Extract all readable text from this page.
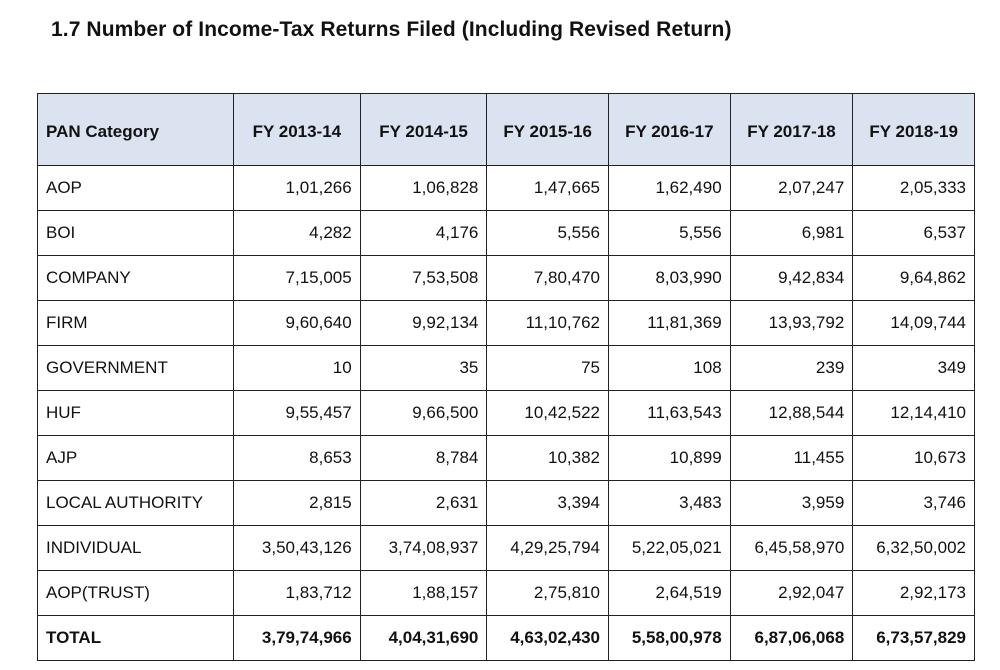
1.7 Number of Income-Tax Returns Filed (Including Revised Return)
PAN Category	FY 2013-14	FY 2014-15	FY 2015-16	FY 2016-17	FY 2017-18	FY 2018-19
AOP	1,01,266	1,06,828	1,47,665	1,62,490	2,07,247	2,05,333
BOI	4,282	4,176	5,556	5,556	6,981	6,537
COMPANY	7,15,005	7,53,508	7,80,470	8,03,990	9,42,834	9,64,862
FIRM	9,60,640	9,92,134	11,10,762	11,81,369	13,93,792	14,09,744
GOVERNMENT	10	35	75	108	239	349
HUF	9,55,457	9,66,500	10,42,522	11,63,543	12,88,544	12,14,410
AJP	8,653	8,784	10,382	10,899	11,455	10,673
LOCAL AUTHORITY	2,815	2,631	3,394	3,483	3,959	3,746
INDIVIDUAL	3,50,43,126	3,74,08,937	4,29,25,794	5,22,05,021	6,45,58,970	6,32,50,002
AOP(TRUST)	1,83,712	1,88,157	2,75,810	2,64,519	2,92,047	2,92,173
TOTAL	3,79,74,966	4,04,31,690	4,63,02,430	5,58,00,978	6,87,06,068	6,73,57,829
